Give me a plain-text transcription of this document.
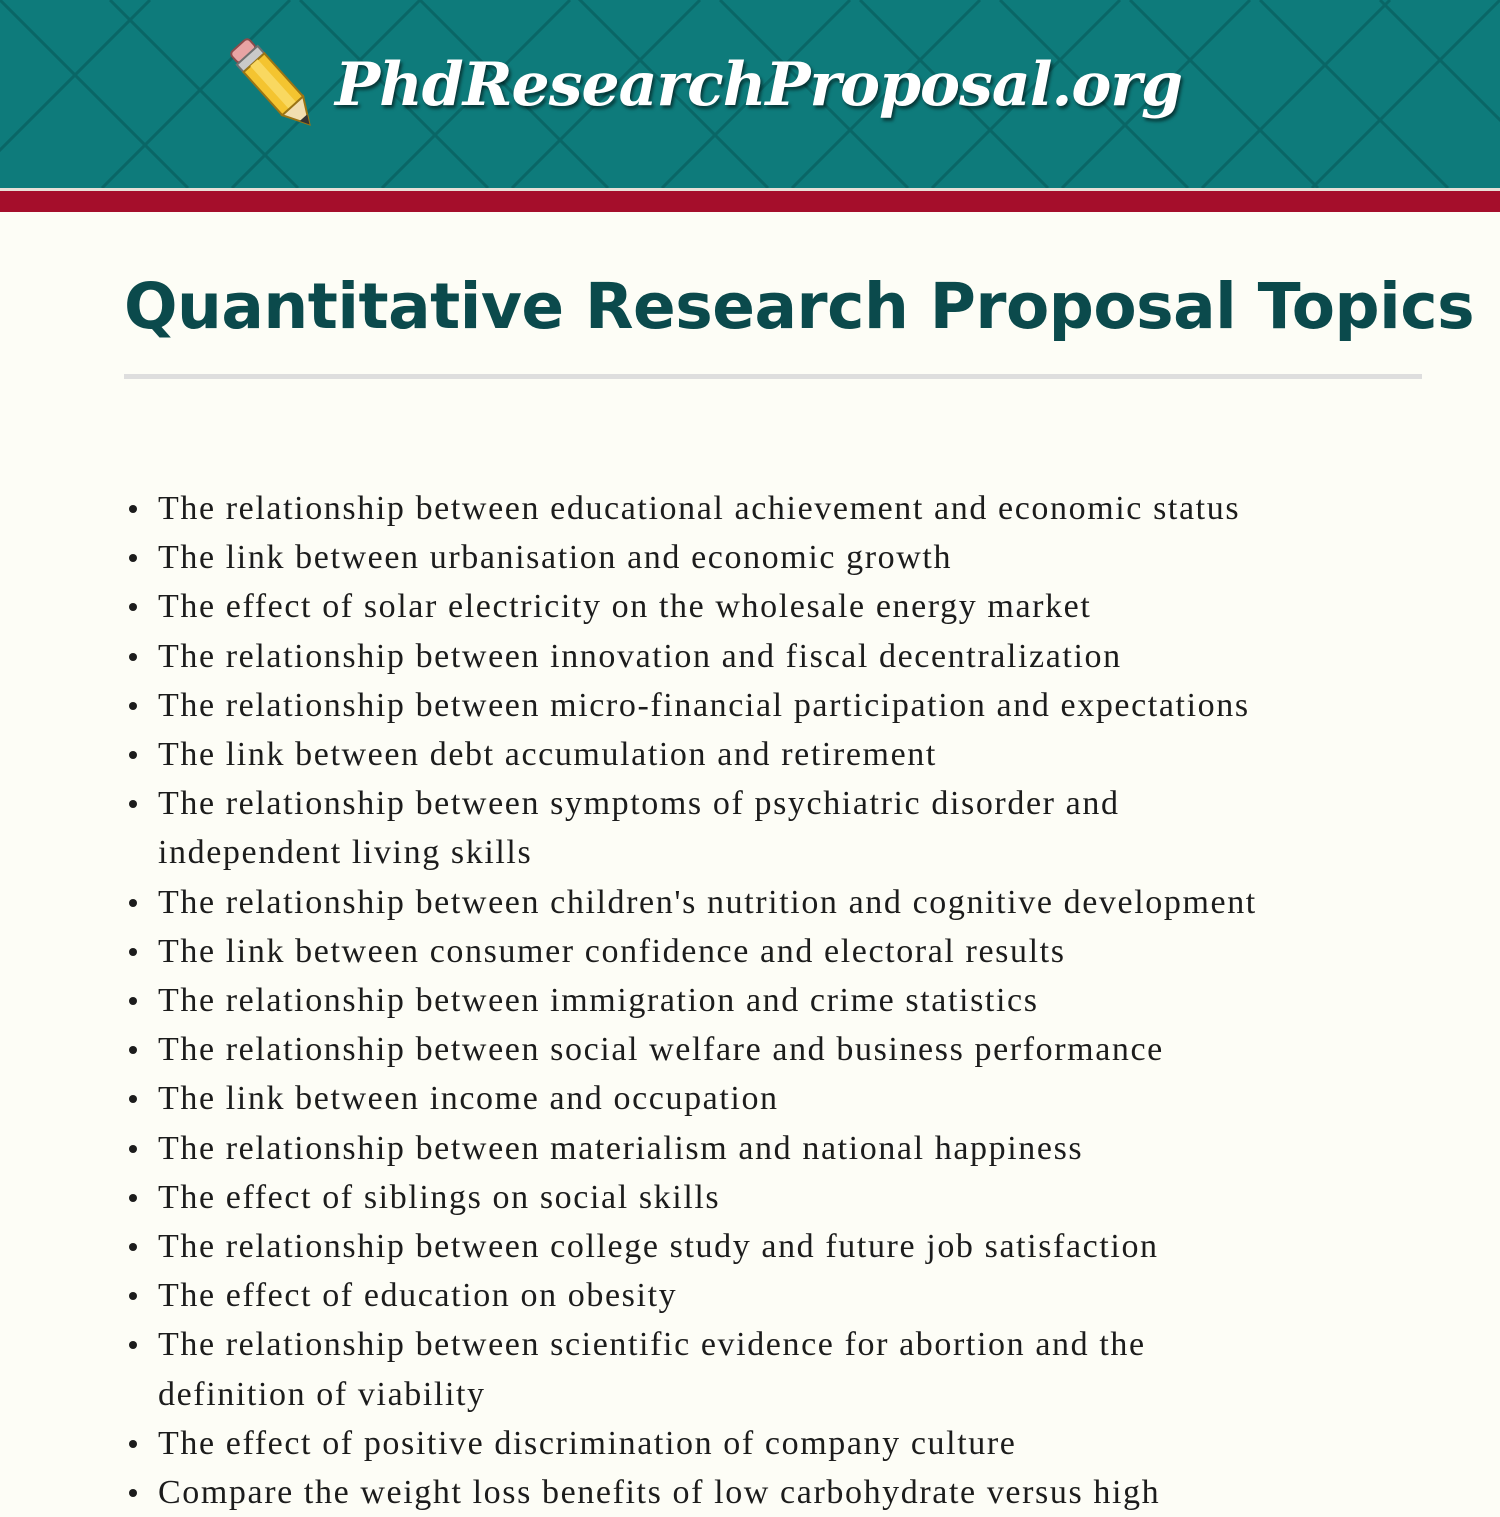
PhdResearchProposal.org
Quantitative Research Proposal Topics
The relationship between educational achievement and economic status
The link between urbanisation and economic growth
The effect of solar electricity on the wholesale energy market
The relationship between innovation and fiscal decentralization
The relationship between micro-financial participation and expectations
The link between debt accumulation and retirement
The relationship between symptoms of psychiatric disorder and
independent living skills
The relationship between children's nutrition and cognitive development
The link between consumer confidence and electoral results
The relationship between immigration and crime statistics
The relationship between social welfare and business performance
The link between income and occupation
The relationship between materialism and national happiness
The effect of siblings on social skills
The relationship between college study and future job satisfaction
The effect of education on obesity
The relationship between scientific evidence for abortion and the
definition of viability
The effect of positive discrimination of company culture
Compare the weight loss benefits of low carbohydrate versus high
